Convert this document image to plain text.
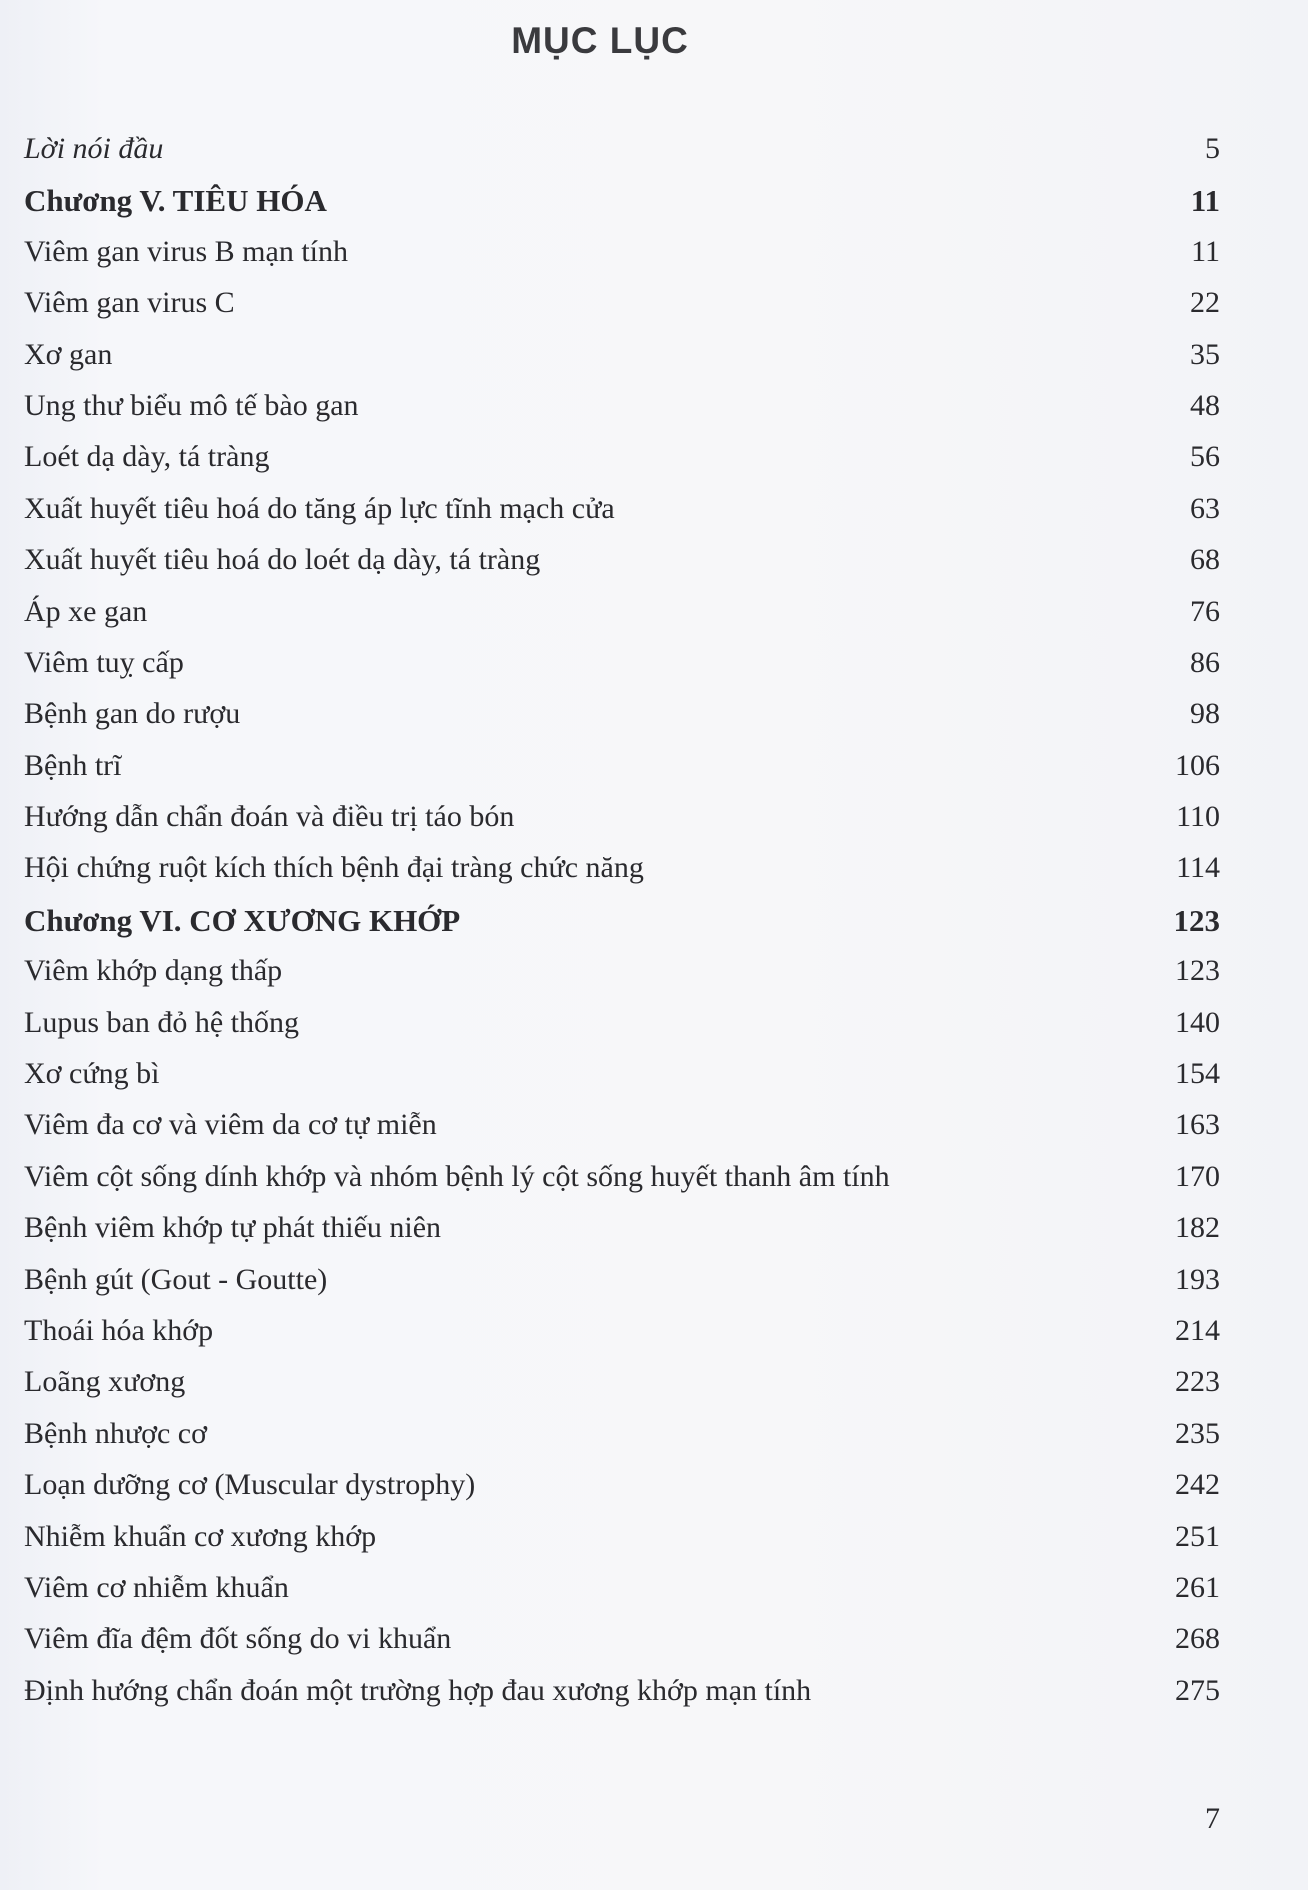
MỤC LỤC
Lời nói đầu	5
Chương V. TIÊU HÓA	11
Viêm gan virus B mạn tính	11
Viêm gan virus C	22
Xơ gan	35
Ung thư biểu mô tế bào gan	48
Loét dạ dày, tá tràng	56
Xuất huyết tiêu hoá do tăng áp lực tĩnh mạch cửa	63
Xuất huyết tiêu hoá do loét dạ dày, tá tràng	68
Áp xe gan	76
Viêm tuỵ cấp	86
Bệnh gan do rượu	98
Bệnh trĩ	106
Hướng dẫn chẩn đoán và điều trị táo bón	110
Hội chứng ruột kích thích bệnh đại tràng chức năng	114
Chương VI. CƠ XƯƠNG KHỚP	123
Viêm khớp dạng thấp	123
Lupus ban đỏ hệ thống	140
Xơ cứng bì	154
Viêm đa cơ và viêm da cơ tự miễn	163
Viêm cột sống dính khớp và nhóm bệnh lý cột sống huyết thanh âm tính	170
Bệnh viêm khớp tự phát thiếu niên	182
Bệnh gút (Gout - Goutte)	193
Thoái hóa khớp	214
Loãng xương	223
Bệnh nhược cơ	235
Loạn dưỡng cơ (Muscular dystrophy)	242
Nhiễm khuẩn cơ xương khớp	251
Viêm cơ nhiễm khuẩn	261
Viêm đĩa đệm đốt sống do vi khuẩn	268
Định hướng chẩn đoán một trường hợp đau xương khớp mạn tính	275
7
